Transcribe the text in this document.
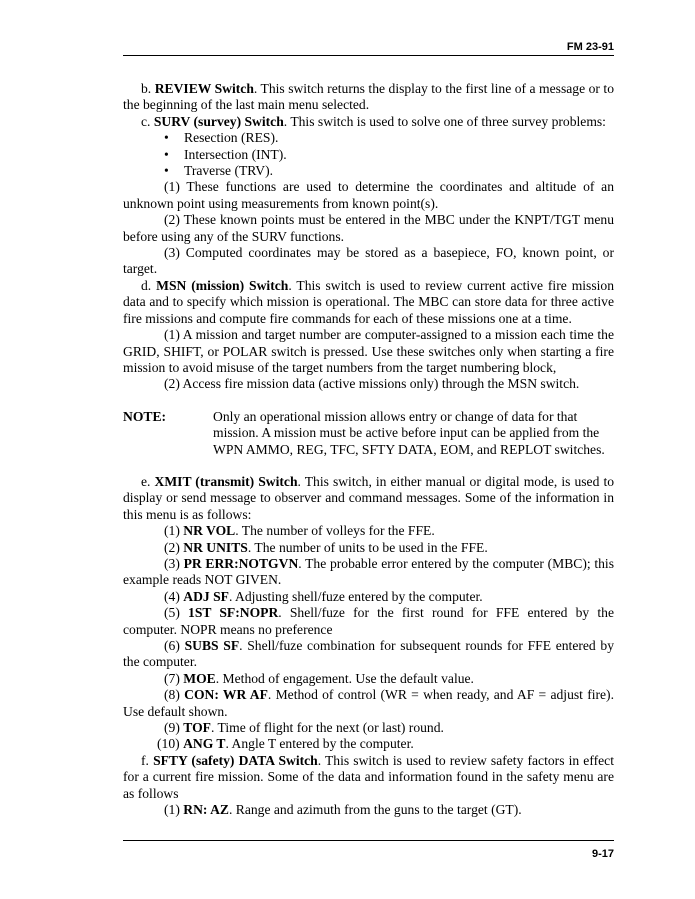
FM 23-91

b. REVIEW Switch. This switch returns the display to the first line of a message or to the beginning of the last main menu selected.

c. SURV (survey) Switch. This switch is used to solve one of three survey problems:

• Resection (RES).
• Intersection (INT).
• Traverse (TRV).

(1) These functions are used to determine the coordinates and altitude of an unknown point using measurements from known point(s).

(2) These known points must be entered in the MBC under the KNPT/TGT menu before using any of the SURV functions.

(3) Computed coordinates may be stored as a basepiece, FO, known point, or target.

d. MSN (mission) Switch. This switch is used to review current active fire mission data and to specify which mission is operational. The MBC can store data for three active fire missions and compute fire commands for each of these missions one at a time.

(1) A mission and target number are computer-assigned to a mission each time the GRID, SHIFT, or POLAR switch is pressed. Use these switches only when starting a fire mission to avoid misuse of the target numbers from the target numbering block,

(2) Access fire mission data (active missions only) through the MSN switch.

NOTE:	Only an operational mission allows entry or change of data for that mission. A mission must be active before input can be applied from the WPN AMMO, REG, TFC, SFTY DATA, EOM, and REPLOT switches.

e. XMIT (transmit) Switch. This switch, in either manual or digital mode, is used to display or send message to observer and command messages. Some of the information in this menu is as follows:

(1) NR VOL. The number of volleys for the FFE.

(2) NR UNITS. The number of units to be used in the FFE.

(3) PR ERR:NOTGVN. The probable error entered by the computer (MBC); this example reads NOT GIVEN.

(4) ADJ SF. Adjusting shell/fuze entered by the computer.

(5) 1ST SF:NOPR. Shell/fuze for the first round for FFE entered by the computer. NOPR means no preference

(6) SUBS SF. Shell/fuze combination for subsequent rounds for FFE entered by the computer.

(7) MOE. Method of engagement. Use the default value.

(8) CON: WR AF. Method of control (WR = when ready, and AF = adjust fire). Use default shown.

(9) TOF. Time of flight for the next (or last) round.

(10) ANG T. Angle T entered by the computer.

f. SFTY (safety) DATA Switch. This switch is used to review safety factors in effect for a current fire mission. Some of the data and information found in the safety menu are as follows

(1) RN: AZ. Range and azimuth from the guns to the target (GT).

9-17
